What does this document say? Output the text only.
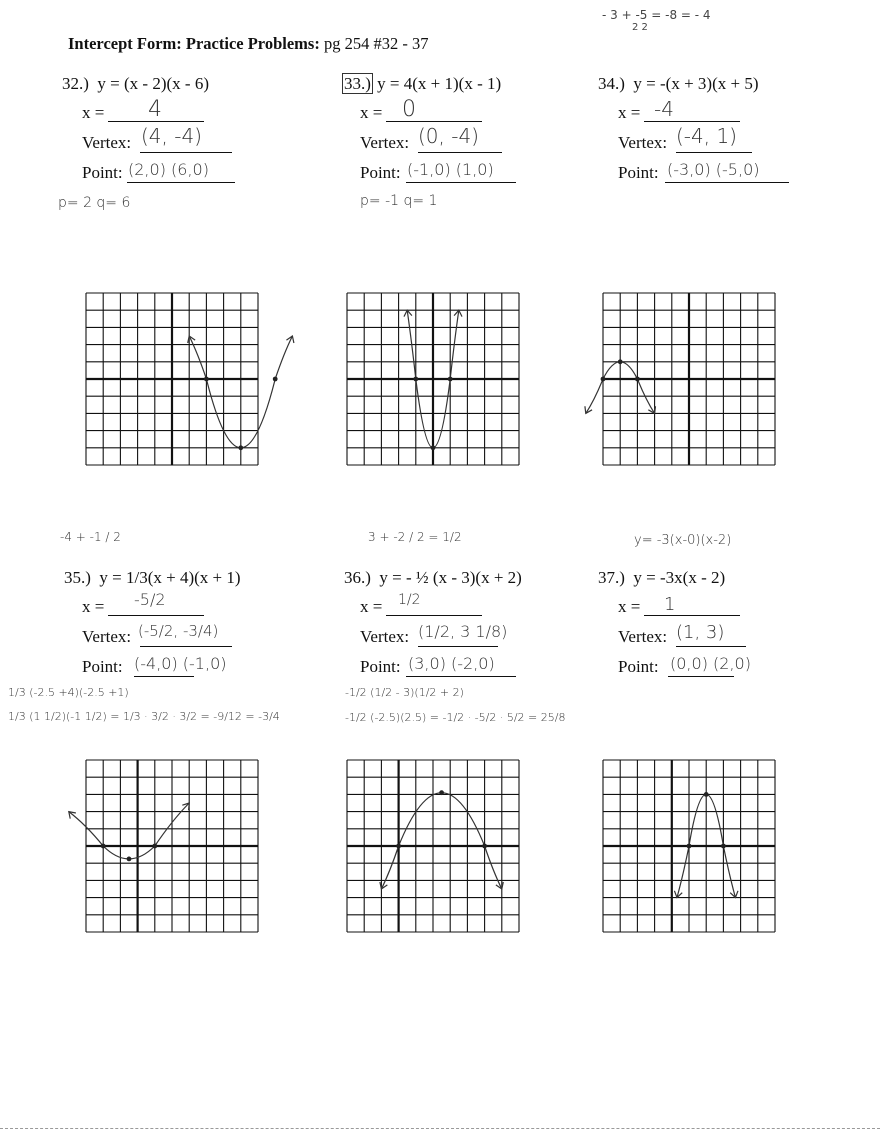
Intercept Form: Practice Problems: pg 254 #32 - 37
- 3 + -5 = -8 = - 4
2 2
32.) y = (x - 2)(x - 6)
x = 4
Vertex: (4, -4)
Point: (2,0) (6,0)
p= 2 q= 6
33.) y = 4(x + 1)(x - 1)
x = 0
Vertex: (0, -4)
Point: (-1,0) (1,0)
p= -1 q= 1
34.) y = -(x + 3)(x + 5)
x = -4
Vertex: (-4, 1)
Point: (-3,0) (-5,0)
-4 + -1 / 2
35.) y = 1/3(x + 4)(x + 1)
x = -5/2
Vertex: (-5/2, -3/4)
Point: (-4,0) (-1,0)
1/3 (-2.5 +4)(-2.5 +1)
1/3 (1 1/2)(-1 1/2) = 1/3 · 3/2 · 3/2 = -9/12 = -3/4
3 + -2 / 2 = 1/2
36.) y = - ½ (x - 3)(x + 2)
x = 1/2
Vertex: (1/2, 3 1/8)
Point: (3,0) (-2,0)
-1/2 (1/2 - 3)(1/2 + 2)
-1/2 (-2.5)(2.5) = -1/2 · -5/2 · 5/2 = 25/8
y= -3(x-0)(x-2)
37.) y = -3x(x - 2)
x = 1
Vertex: (1, 3)
Point: (0,0) (2,0)
